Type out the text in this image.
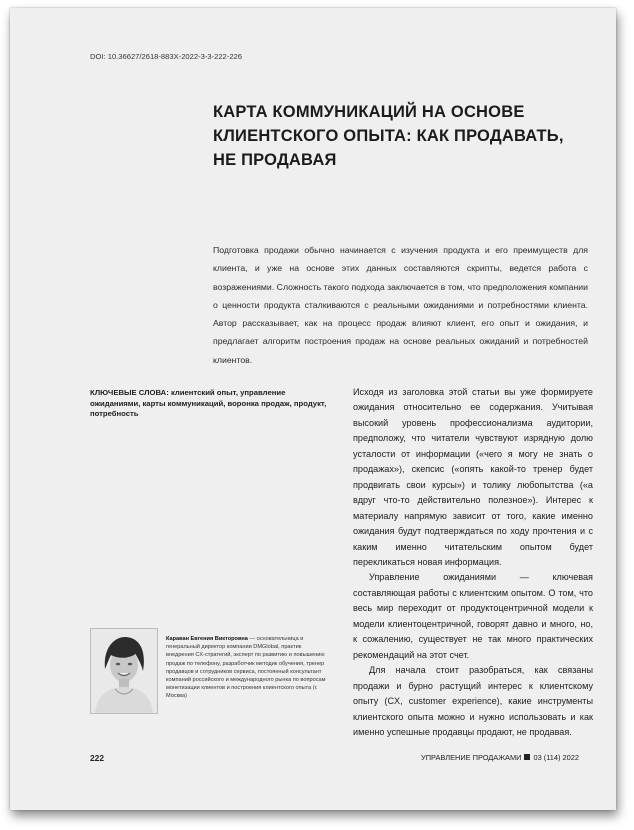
DOI: 10.36627/2618-883X-2022-3-3-222-226
КАРТА КОММУНИКАЦИЙ НА ОСНОВЕ
КЛИЕНТСКОГО ОПЫТА: КАК ПРОДАВАТЬ,
НЕ ПРОДАВАЯ
Подготовка продажи обычно начинается с изучения продукта и его преимуществ для клиента, и уже на основе этих данных составляются скрипты, ведется работа с возражениями. Сложность такого подхода заключается в том, что предположения компании о ценности продукта сталкиваются с реальными ожиданиями и потребностями клиента. Автор рассказывает, как на процесс продаж влияют клиент, его опыт и ожидания, и предлагает алгоритм построения продаж на основе реальных ожиданий и потребностей клиентов.
КЛЮЧЕВЫЕ СЛОВА: клиентский опыт, управление ожиданиями, карты коммуникаций, воронка продаж, продукт, потребность

Исходя из заголовка этой статьи вы уже формируете ожидания относительно ее содержания. Учитывая высокий уровень профессионализма аудитории, предположу, что читатели чувствуют изрядную долю усталости от информации («чего я могу не знать о продажах»), скепсис («опять какой-то тренер будет продвигать свои курсы») и толику любопытства («а вдруг что-то действительно полезное»). Интерес к материалу напрямую зависит от того, какие именно ожидания будут подтверждаться по ходу прочтения и с каким именно читательским опытом будет перекликаться новая информация.

Управление ожиданиями — ключевая составляющая работы с клиентским опытом. О том, что весь мир переходит от продуктоцентричной модели к модели клиентоцентричной, говорят давно и много, но, к сожалению, существует не так много практических рекомендаций на этот счет.

Для начала стоит разобраться, как связаны продажи и бурно растущий интерес к клиентскому опыту (CX, customer experience), какие инструменты клиентского опыта можно и нужно использовать и как именно успешные продавцы продают, не продавая.

Караван Евгения Викторовна — основательница и генеральный директор компании DMGlobal, практик внедрения CX-стратегий, эксперт по развитию и повышению продаж по телефону, разработчик методик обучения, тренер продавцов и сотрудников сервиса, постоянный консультант компаний российского и международного рынка по вопросам монетизации клиентов и построения клиентского опыта (г. Москва)
222	УПРАВЛЕНИЕ ПРОДАЖАМИ 03 (114) 2022
